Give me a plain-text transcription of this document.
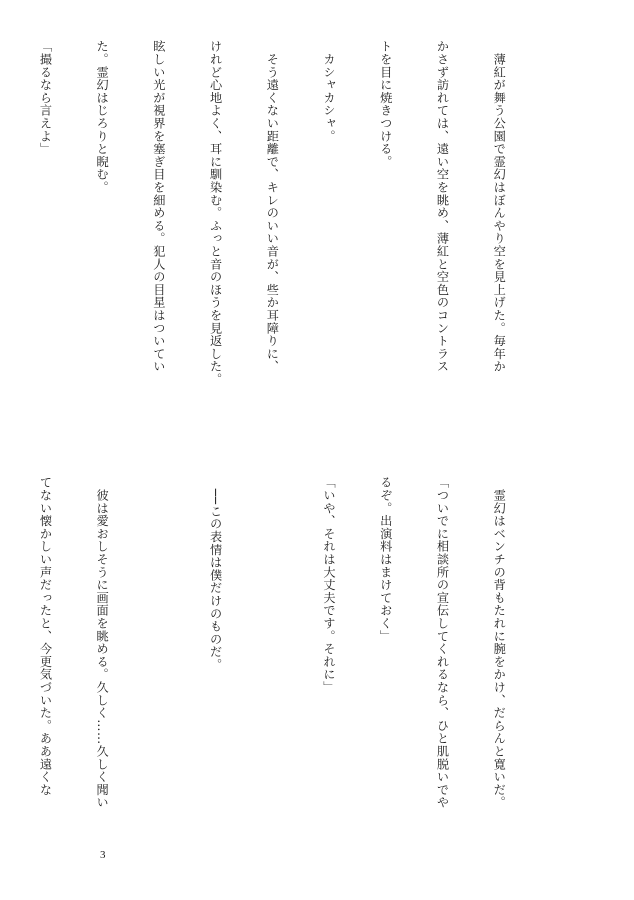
　薄紅が舞う公園で霊幻はぼんやり空を見上げた。毎年か

かさず訪れては、遠い空を眺め、薄紅と空色のコントラス

トを目に焼きつける。

　カシャカシャ。

　そう遠くない距離で、キレのいい音が、些か耳障りに、

けれど心地よく、耳に馴染む。ふっと音のほうを見返した。

眩しい光が視界を塞ぎ目を細める。犯人の目星はついてい

た。霊幻はじろりと睨む。

「撮るなら言えよ」

　霊幻はベンチの背もたれに腕をかけ、だらんと寛いだ。

「ついでに相談所の宣伝してくれるなら、ひと肌脱いでや

るぞ。出演料はまけておく」

「いや、それは大丈夫です。それに」

　──この表情は僕だけのものだ。

　彼は愛おしそうに画面を眺める。久しく……久しく聞い

てない懐かしい声だったと、今更気づいた。ああ遠くな

3
